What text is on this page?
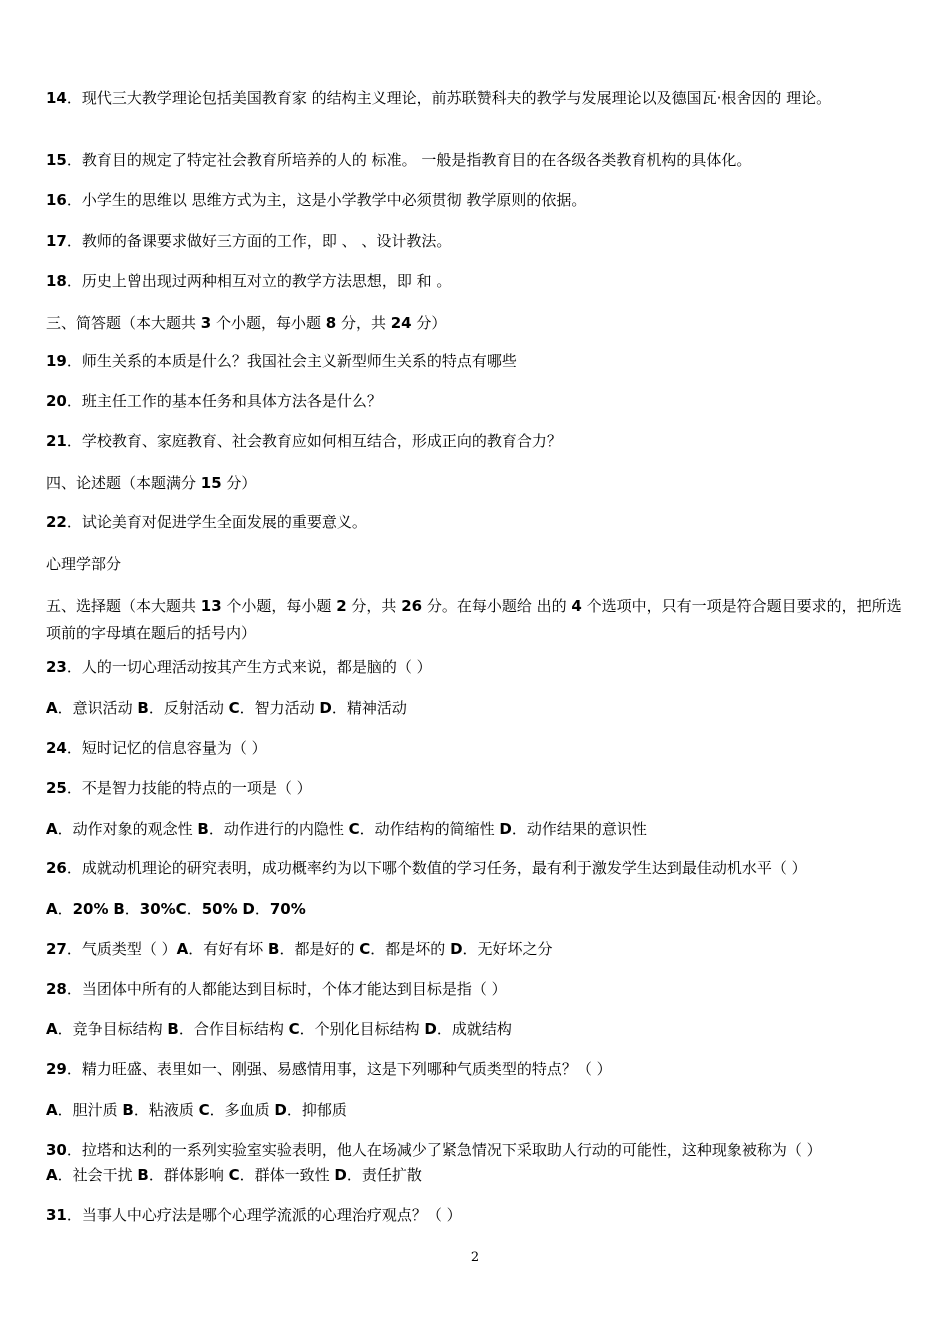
14．现代三大教学理论包括美国教育家 的结构主义理论，前苏联赞科夫的教学与发展理论以及德国瓦·根舍因的 理论。
15．教育目的规定了特定社会教育所培养的人的 标准。 一般是指教育目的在各级各类教育机构的具体化。
16．小学生的思维以 思维方式为主，这是小学教学中必须贯彻 教学原则的依据。
17．教师的备课要求做好三方面的工作，即 、 、设计教法。
18．历史上曾出现过两种相互对立的教学方法思想，即 和 。
三、简答题（本大题共 3 个小题，每小题 8 分，共 24 分）
19．师生关系的本质是什么？我国社会主义新型师生关系的特点有哪些
20．班主任工作的基本任务和具体方法各是什么？
21．学校教育、家庭教育、社会教育应如何相互结合，形成正向的教育合力？
四、论述题（本题满分 15 分）
22．试论美育对促进学生全面发展的重要意义。
心理学部分
五、选择题（本大题共 13 个小题，每小题 2 分，共 26 分。在每小题给 出的 4 个选项中，只有一项是符合题目要求的，把所选项前的字母填在题后的括号内）
23．人的一切心理活动按其产生方式来说，都是脑的（ ）
A．意识活动 B．反射活动 C．智力活动 D．精神活动
24．短时记忆的信息容量为（ ）
25．不是智力技能的特点的一项是（ ）
A．动作对象的观念性 B．动作进行的内隐性 C．动作结构的简缩性 D．动作结果的意识性
26．成就动机理论的研究表明，成功概率约为以下哪个数值的学习任务，最有利于激发学生达到最佳动机水平（ ）
A．20% B．30%C．50% D．70%
27．气质类型（ ）A．有好有坏 B．都是好的 C．都是坏的 D．无好坏之分
28．当团体中所有的人都能达到目标时，个体才能达到目标是指（ ）
A．竞争目标结构 B．合作目标结构 C．个别化目标结构 D．成就结构
29．精力旺盛、表里如一、刚强、易感情用事，这是下列哪种气质类型的特点？（ ）
A．胆汁质 B．粘液质 C．多血质 D．抑郁质
30．拉塔和达利的一系列实验室实验表明，他人在场减少了紧急情况下采取助人行动的可能性，这种现象被称为（ ）
A．社会干扰 B．群体影响 C．群体一致性 D．责任扩散
31．当事人中心疗法是哪个心理学流派的心理治疗观点？（ ）
2
